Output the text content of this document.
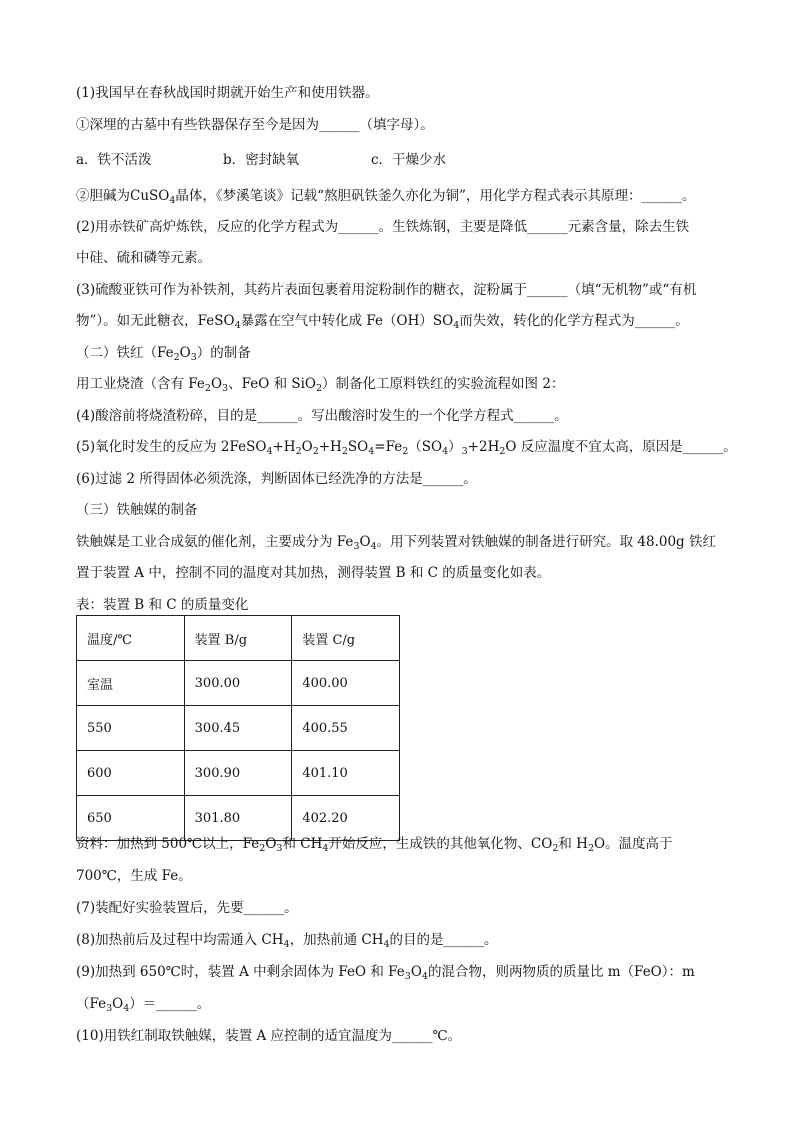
(1)我国早在春秋战国时期就开始生产和使用铁器。
①深埋的古墓中有些铁器保存至今是因为______（填字母）。
a．铁不活泼	b．密封缺氧	c．干燥少水
②胆碱为CuSO$_4$晶体，《梦溪笔谈》记载“熬胆矾铁釜久亦化为铜”，用化学方程式表示其原理：______。
(2)用赤铁矿高炉炼铁，反应的化学方程式为______。生铁炼钢，主要是降低______元素含量，除去生铁
中硅、硫和磷等元素。
(3)硫酸亚铁可作为补铁剂，其药片表面包裹着用淀粉制作的糖衣，淀粉属于______（填“无机物”或“有机
物”）。如无此糖衣，FeSO$_4$暴露在空气中转化成 $Fe(OH)SO_4$而失效，转化的化学方程式为______。
（二）铁红$(Fe_2O_3)$的制备
用工业烧渣（含有 $Fe_2O_3$、FeO 和 SiO$_2$）制备化工原料铁红的实验流程如图 2：
(4)酸溶前将烧渣粉碎，目的是______。写出酸溶时发生的一个化学方程式______。
(5)氧化时发生的反应为 $2FeSO_4+H_2O_2+H_2SO_4=Fe_2(SO_4)_3+2H_2O$ 反应温度不宜太高，原因是______。
(6)过滤 2 所得固体必须洗涤，判断固体已经洗净的方法是______。
（三）铁触媒的制备
铁触媒是工业合成氨的催化剂，主要成分为 $Fe_3O_4$。用下列装置对铁触媒的制备进行研究。取 48.00g 铁红
置于装置 A 中，控制不同的温度对其加热，测得装置 B 和 C 的质量变化如表。
表：装置 B 和 C 的质量变化
温度/℃	装置 B/g	装置 C/g
室温	300.00	400.00
550	300.45	400.55
600	300.90	401.10
650	301.80	402.20
资料：加热到 500℃以上，$Fe_2O_3$和 $CH_4$开始反应，生成铁的其他氧化物、$CO_2$和 $H_2O$。温度高于
700℃，生成 Fe。
(7)装配好实验装置后，先要______。
(8)加热前后及过程中均需通入 $CH_4$，加热前通 $CH_4$的目的是______。
(9)加热到 650℃时，装置 A 中剩余固体为 FeO 和 $Fe_3O_4$的混合物，则两物质的质量比 m（FeO）：m
$(Fe_3O_4)=\_\_\_\_\_\_$。
(10)用铁红制取铁触媒，装置 A 应控制的适宜温度为______℃。
